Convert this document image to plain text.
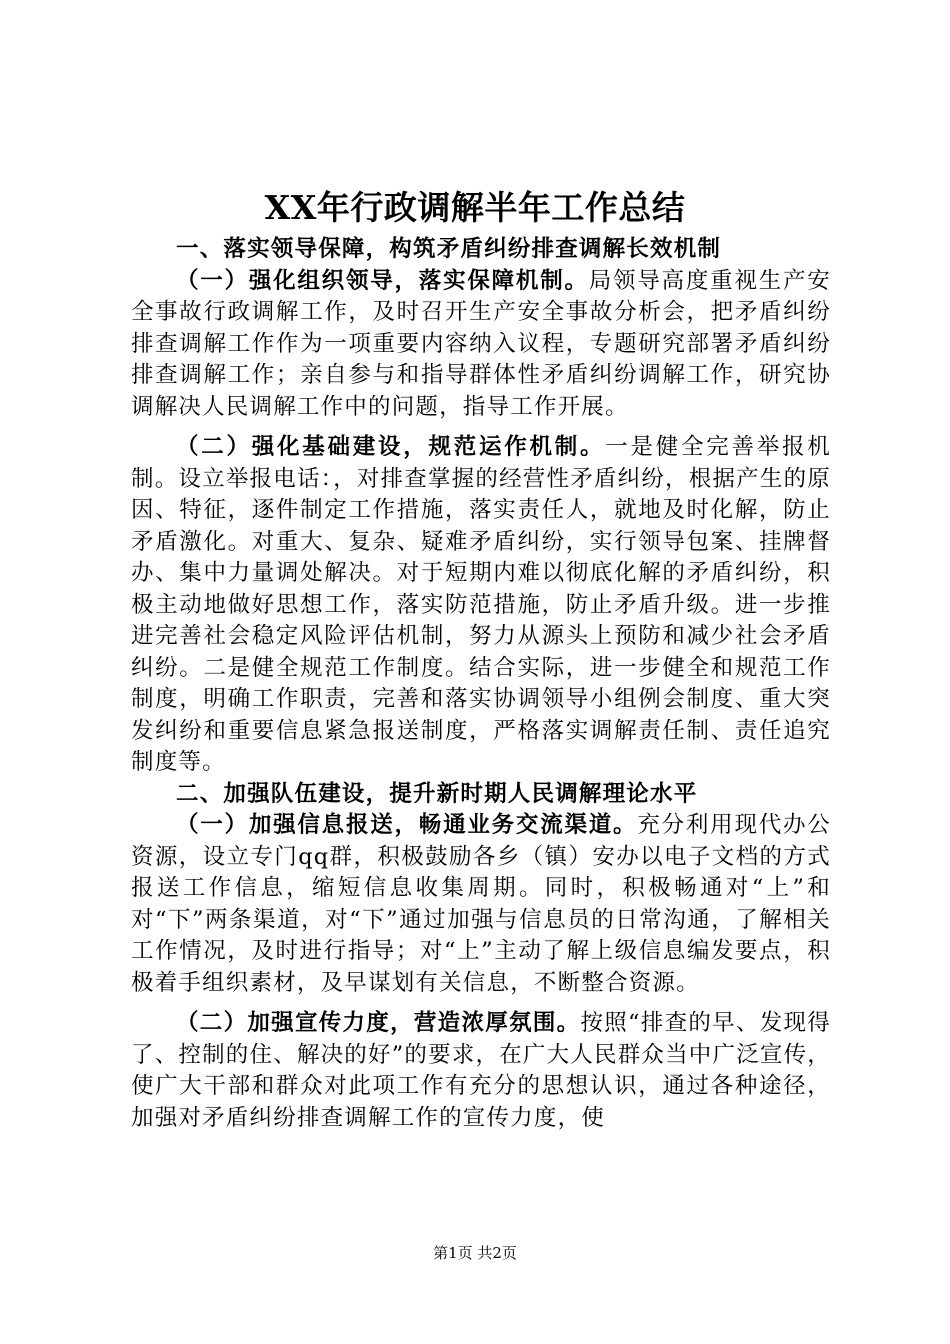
XX年行政调解半年工作总结

一、落实领导保障，构筑矛盾纠纷排查调解长效机制

（一）强化组织领导，落实保障机制。局领导高度重视生产安全事故行政调解工作，及时召开生产安全事故分析会，把矛盾纠纷排查调解工作作为一项重要内容纳入议程，专题研究部署矛盾纠纷排查调解工作；亲自参与和指导群体性矛盾纠纷调解工作，研究协调解决人民调解工作中的问题，指导工作开展。

（二）强化基础建设，规范运作机制。一是健全完善举报机制。设立举报电话：，对排查掌握的经营性矛盾纠纷，根据产生的原因、特征，逐件制定工作措施，落实责任人，就地及时化解，防止矛盾激化。对重大、复杂、疑难矛盾纠纷，实行领导包案、挂牌督办、集中力量调处解决。对于短期内难以彻底化解的矛盾纠纷，积极主动地做好思想工作，落实防范措施，防止矛盾升级。进一步推进完善社会稳定风险评估机制，努力从源头上预防和减少社会矛盾纠纷。二是健全规范工作制度。结合实际，进一步健全和规范工作制度，明确工作职责，完善和落实协调领导小组例会制度、重大突发纠纷和重要信息紧急报送制度，严格落实调解责任制、责任追究制度等。

二、加强队伍建设，提升新时期人民调解理论水平

（一）加强信息报送，畅通业务交流渠道。充分利用现代办公资源，设立专门qq群，积极鼓励各乡（镇）安办以电子文档的方式报送工作信息，缩短信息收集周期。同时，积极畅通对“上”和对“下”两条渠道，对“下”通过加强与信息员的日常沟通，了解相关工作情况，及时进行指导；对“上”主动了解上级信息编发要点，积极着手组织素材，及早谋划有关信息，不断整合资源。

（二）加强宣传力度，营造浓厚氛围。按照“排查的早、发现得了、控制的住、解决的好”的要求，在广大人民群众当中广泛宣传，使广大干部和群众对此项工作有充分的思想认识，通过各种途径，加强对矛盾纠纷排查调解工作的宣传力度，使

第1页 共2页
